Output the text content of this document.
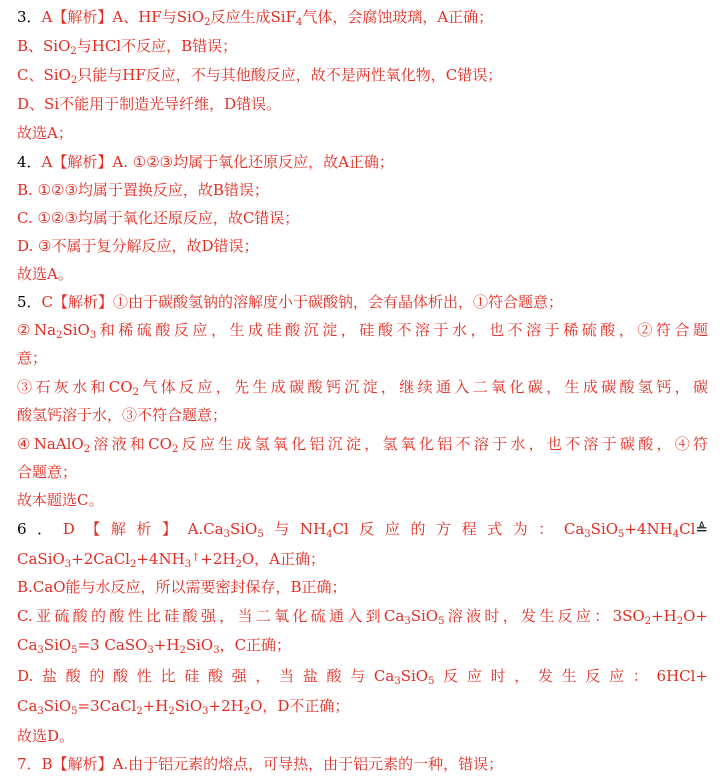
3．A【解析】A、HF与SiO$_2$反应生成SiF$_4$气体，会腐蚀玻璃，A正确；
B、SiO$_2$与HCl不反应，B错误；
C、SiO$_2$只能与HF反应，不与其他酸反应，故不是两性氧化物，C错误；
D、Si不能用于制造光导纤维，D错误。
故选A；
4．A【解析】A. ①②③均属于氧化还原反应，故A正确；
B. ①②③均属于置换反应，故B错误；
C. ①②③均属于氧化还原反应，故C错误；
D. ③不属于复分解反应，故D错误；
故选A。
5．C【解析】①由于碳酸氢钠的溶解度小于碳酸钠，会有晶体析出，①符合题意；
$②Na_2SiO_3$和稀硫酸反应，生成硅酸沉淀，硅酸不溶于水，也不溶于稀硫酸，②符合题
意；
③石灰水和$CO_2$气体反应，先生成碳酸钙沉淀，继续通入二氧化碳，生成碳酸氢钙，碳
酸氢钙溶于水，③不符合题意；
④NaAlO$_2$溶液和$CO_2$反应生成氢氧化铝沉淀，氢氧化铝不溶于水，也不溶于碳酸，④符
合题意；
故本题选C。
6．D【解析】$A.Ca_3SiO_5$与$NH_4Cl$反应的方程式为：$Ca_3SiO_5+4NH_4Cl≜$
$CaSiO_3+2CaCl_2+4NH_3↑+2H_2O$，A正确；
B.CaO能与水反应，所以需要密封保存，B正确；
C.亚硫酸的酸性比硅酸强，当二氧化硫通入到$Ca_3SiO_5$溶液时，发生反应：$3SO_2+H_2O+$
$Ca_3SiO_5=3$ $CaSO_3+H_2SiO_3$，C正确；
D.盐酸的酸性比硅酸强，当盐酸与$Ca_3SiO_5$反应时，发生反应：6HCl+
$Ca_3SiO_5=3CaCl_2+H_2SiO_3+2H_2O$，D不正确；
故选D。
7．B【解析】A.由于铝元素的熔点，可导热，由于铝元素的一种，错误；
